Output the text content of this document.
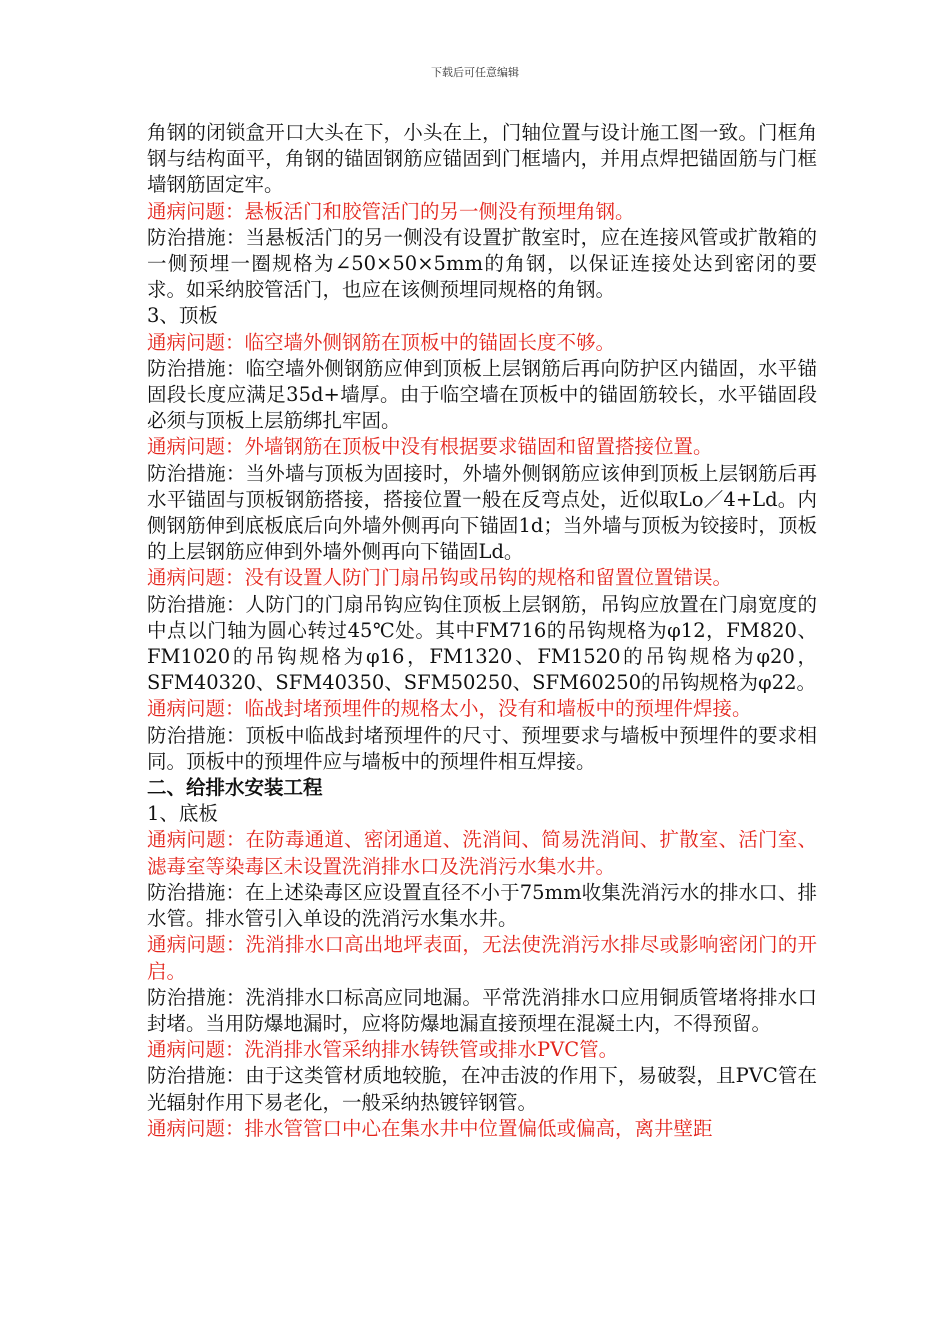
下载后可任意编辑

角钢的闭锁盒开口大头在下，小头在上，门轴位置与设计施工图一致。门框角钢与结构面平，角钢的锚固钢筋应锚固到门框墙内，并用点焊把锚固筋与门框墙钢筋固定牢。

通病问题：悬板活门和胶管活门的另一侧没有预埋角钢。

防治措施：当悬板活门的另一侧没有设置扩散室时，应在连接风管或扩散箱的一侧预埋一圈规格为∠50×50×5mm的角钢，以保证连接处达到密闭的要求。如采纳胶管活门，也应在该侧预埋同规格的角钢。

3、顶板

通病问题：临空墙外侧钢筋在顶板中的锚固长度不够。

防治措施：临空墙外侧钢筋应伸到顶板上层钢筋后再向防护区内锚固，水平锚固段长度应满足35d+墙厚。由于临空墙在顶板中的锚固筋较长，水平锚固段必须与顶板上层筋绑扎牢固。

通病问题：外墙钢筋在顶板中没有根据要求锚固和留置搭接位置。

防治措施：当外墙与顶板为固接时，外墙外侧钢筋应该伸到顶板上层钢筋后再水平锚固与顶板钢筋搭接，搭接位置一般在反弯点处，近似取Lo／4+Ld。内侧钢筋伸到底板底后向外墙外侧再向下锚固1d；当外墙与顶板为铰接时，顶板的上层钢筋应伸到外墙外侧再向下锚固Ld。

通病问题：没有设置人防门门扇吊钩或吊钩的规格和留置位置错误。

防治措施：人防门的门扇吊钩应钩住顶板上层钢筋，吊钩应放置在门扇宽度的中点以门轴为圆心转过45℃处。其中FM716的吊钩规格为φ12，FM820、FM1020的吊钩规格为φ16，FM1320、FM1520的吊钩规格为φ20，SFM40320、SFM40350、SFM50250、SFM60250的吊钩规格为φ22。

通病问题：临战封堵预埋件的规格太小，没有和墙板中的预埋件焊接。

防治措施：顶板中临战封堵预埋件的尺寸、预埋要求与墙板中预埋件的要求相同。顶板中的预埋件应与墙板中的预埋件相互焊接。

二、给排水安装工程

1、底板

通病问题：在防毒通道、密闭通道、洗消间、简易洗消间、扩散室、活门室、滤毒室等染毒区未设置洗消排水口及洗消污水集水井。

防治措施：在上述染毒区应设置直径不小于75mm收集洗消污水的排水口、排水管。排水管引入单设的洗消污水集水井。

通病问题：洗消排水口高出地坪表面，无法使洗消污水排尽或影响密闭门的开启。

防治措施：洗消排水口标高应同地漏。平常洗消排水口应用铜质管堵将排水口封堵。当用防爆地漏时，应将防爆地漏直接预埋在混凝土内，不得预留。

通病问题：洗消排水管采纳排水铸铁管或排水PVC管。

防治措施：由于这类管材质地较脆，在冲击波的作用下，易破裂，且PVC管在光辐射作用下易老化，一般采纳热镀锌钢管。

通病问题：排水管管口中心在集水井中位置偏低或偏高，离井壁距
